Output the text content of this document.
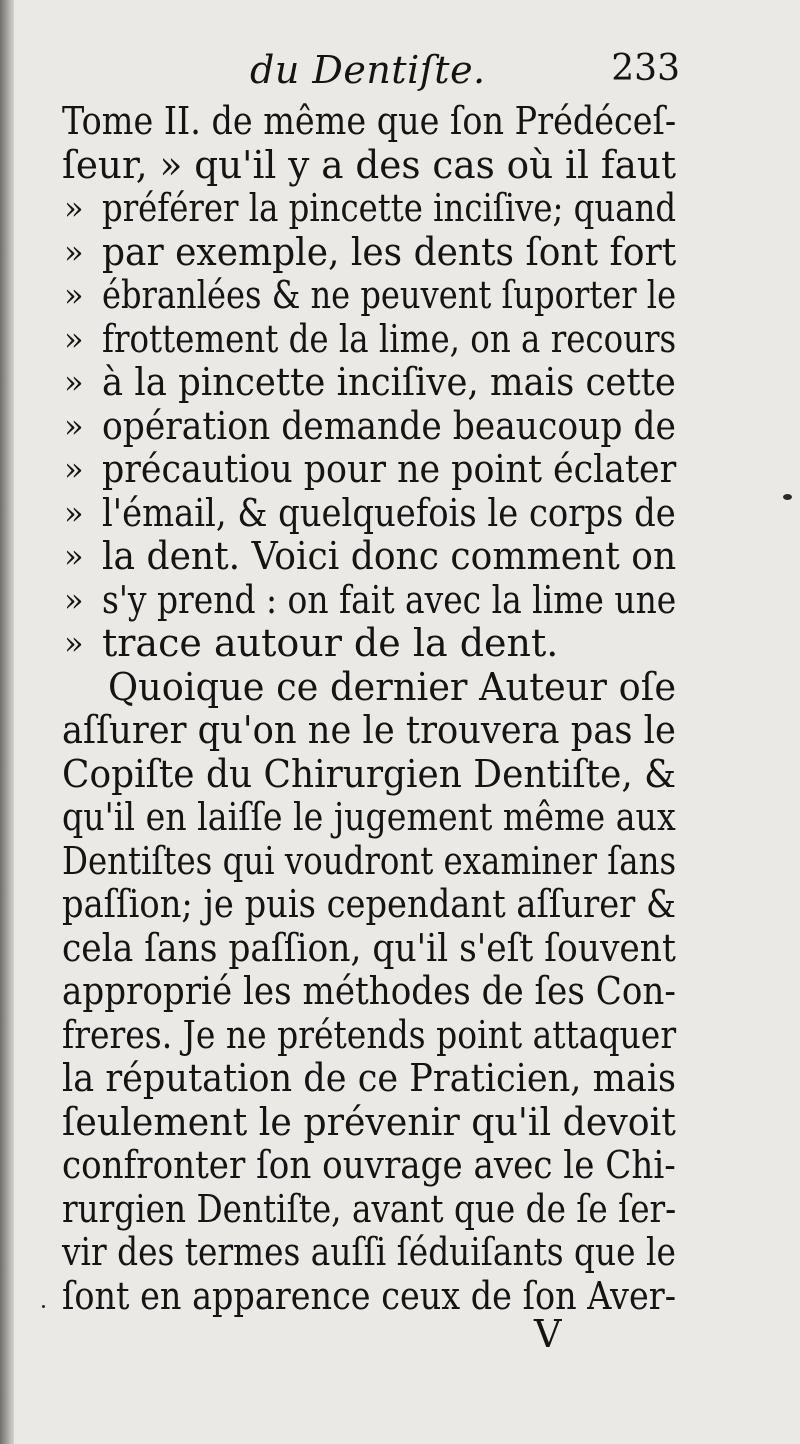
du Dentiſte.	233
Tome II. de même que ſon Prédéceſ-
ſeur, » qu'il y a des cas où il faut
» préférer la pincette inciſive; quand
» par exemple, les dents ſont fort
» ébranlées & ne peuvent ſuporter le
» frottement de la lime, on a recours
» à la pincette inciſive, mais cette
» opération demande beaucoup de
» précautiou pour ne point éclater
» l'émail, & quelquefois le corps de
» la dent. Voici donc comment on
» s'y prend : on fait avec la lime une
» trace autour de la dent.
Quoique ce dernier Auteur oſe
aſſurer qu'on ne le trouvera pas le
Copiſte du Chirurgien Dentiſte, &
qu'il en laiſſe le jugement même aux
Dentiſtes qui voudront examiner ſans
paſſion; je puis cependant aſſurer &
cela ſans paſſion, qu'il s'eſt ſouvent
approprié les méthodes de ſes Con-
freres. Je ne prétends point attaquer
la réputation de ce Praticien, mais
ſeulement le prévenir qu'il devoit
confronter ſon ouvrage avec le Chi-
rurgien Dentiſte, avant que de ſe ſer-
vir des termes auſſi ſéduiſants que le
ſont en apparence ceux de ſon Aver-
V
